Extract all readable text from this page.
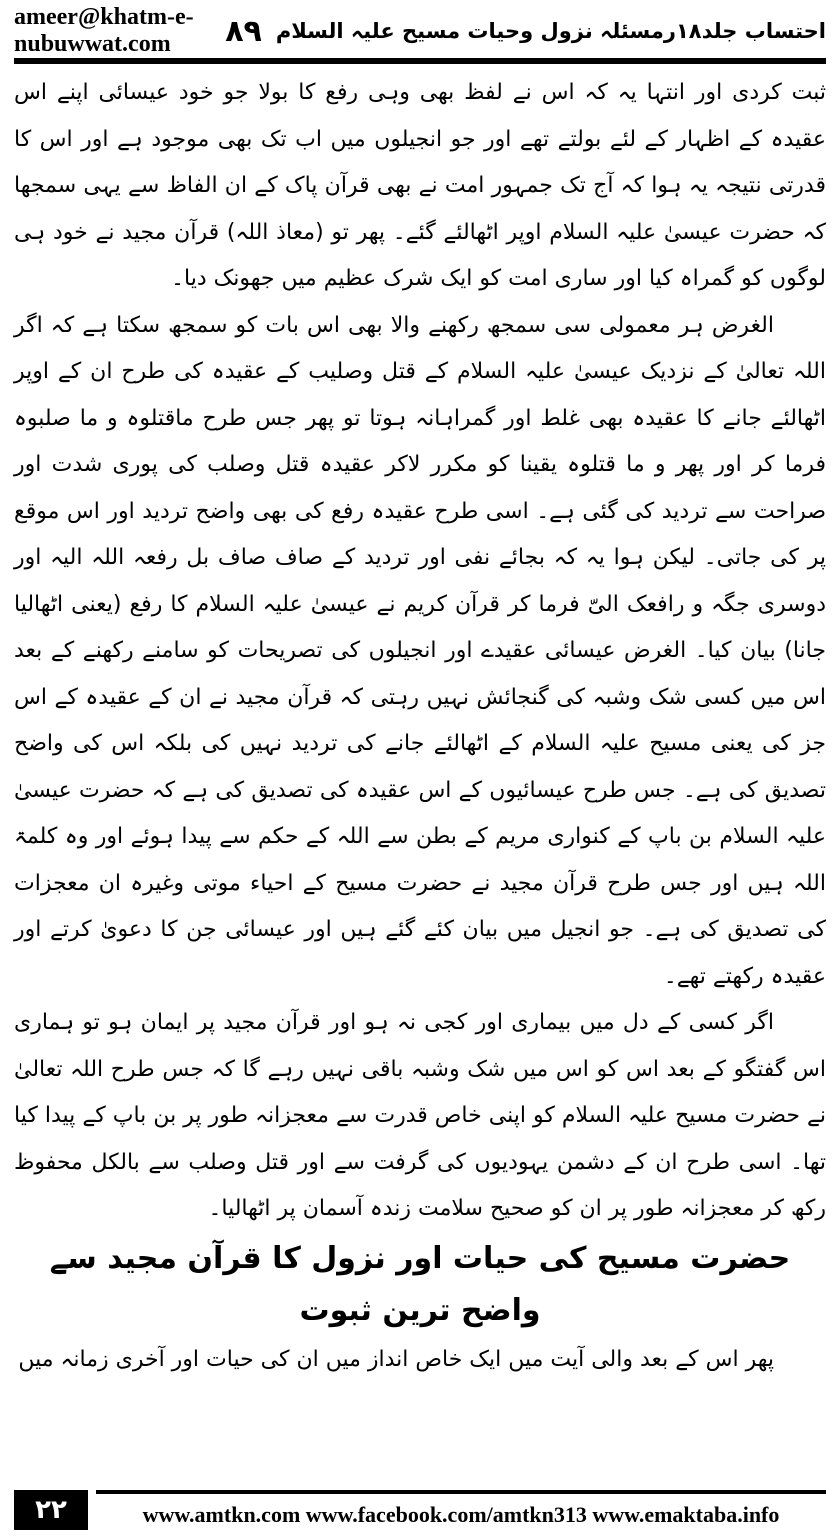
ameer@khatm-e-nubuwwat.com	احتساب جلد۱۸رمسئلہ نزول وحیات مسیح علیہ السلام
۸۹

ثبت کردی اور انتہا یہ کہ اس نے لفظ بھی وہی رفع کا بولا جو خود عیسائی اپنے اس عقیدہ کے اظہار کے لئے بولتے تھے اور جو انجیلوں میں اب تک بھی موجود ہے اور اس کا قدرتی نتیجہ یہ ہوا کہ آج تک جمہور امت نے بھی قرآن پاک کے ان الفاظ سے یہی سمجھا کہ حضرت عیسیٰ علیہ السلام اوپر اٹھالئے گئے۔ پھر تو (معاذ اللہ) قرآن مجید نے خود ہی لوگوں کو گمراہ کیا اور ساری امت کو ایک شرک عظیم میں جھونک دیا۔

الغرض ہر معمولی سی سمجھ رکھنے والا بھی اس بات کو سمجھ سکتا ہے کہ اگر اللہ تعالیٰ کے نزدیک عیسیٰ علیہ السلام کے قتل وصلیب کے عقیدہ کی طرح ان کے اوپر اٹھالئے جانے کا عقیدہ بھی غلط اور گمراہانہ ہوتا تو پھر جس طرح ماقتلوہ و ما صلبوہ فرما کر اور پھر و ما قتلوہ یقینا کو مکرر لاکر عقیدہ قتل وصلب کی پوری شدت اور صراحت سے تردید کی گئی ہے۔ اسی طرح عقیدہ رفع کی بھی واضح تردید اور اس موقع پر کی جاتی۔ لیکن ہوا یہ کہ بجائے نفی اور تردید کے صاف صاف بل رفعہ اللہ الیہ اور دوسری جگہ و رافعک الیّ فرما کر قرآن کریم نے عیسیٰ علیہ السلام کا رفع (یعنی اٹھالیا جانا) بیان کیا۔ الغرض عیسائی عقیدے اور انجیلوں کی تصریحات کو سامنے رکھنے کے بعد اس میں کسی شک وشبہ کی گنجائش نہیں رہتی کہ قرآن مجید نے ان کے عقیدہ کے اس جز کی یعنی مسیح علیہ السلام کے اٹھالئے جانے کی تردید نہیں کی بلکہ اس کی واضح تصدیق کی ہے۔ جس طرح عیسائیوں کے اس عقیدہ کی تصدیق کی ہے کہ حضرت عیسیٰ علیہ السلام بن باپ کے کنواری مریم کے بطن سے اللہ کے حکم سے پیدا ہوئے اور وہ کلمۃ اللہ ہیں اور جس طرح قرآن مجید نے حضرت مسیح کے احیاء موتی وغیرہ ان معجزات کی تصدیق کی ہے۔ جو انجیل میں بیان کئے گئے ہیں اور عیسائی جن کا دعویٰ کرتے اور عقیدہ رکھتے تھے۔

اگر کسی کے دل میں بیماری اور کجی نہ ہو اور قرآن مجید پر ایمان ہو تو ہماری اس گفتگو کے بعد اس کو اس میں شک وشبہ باقی نہیں رہے گا کہ جس طرح اللہ تعالیٰ نے حضرت مسیح علیہ السلام کو اپنی خاص قدرت سے معجزانہ طور پر بن باپ کے پیدا کیا تھا۔ اسی طرح ان کے دشمن یہودیوں کی گرفت سے اور قتل وصلب سے بالکل محفوظ رکھ کر معجزانہ طور پر ان کو صحیح سلامت زندہ آسمان پر اٹھالیا۔

حضرت مسیح کی حیات اور نزول کا قرآن مجید سے واضح ترین ثبوت

پھر اس کے بعد والی آیت میں ایک خاص انداز میں ان کی حیات اور آخری زمانہ میں

۲۲	www.amtkn.com www.facebook.com/amtkn313 www.emaktaba.info
